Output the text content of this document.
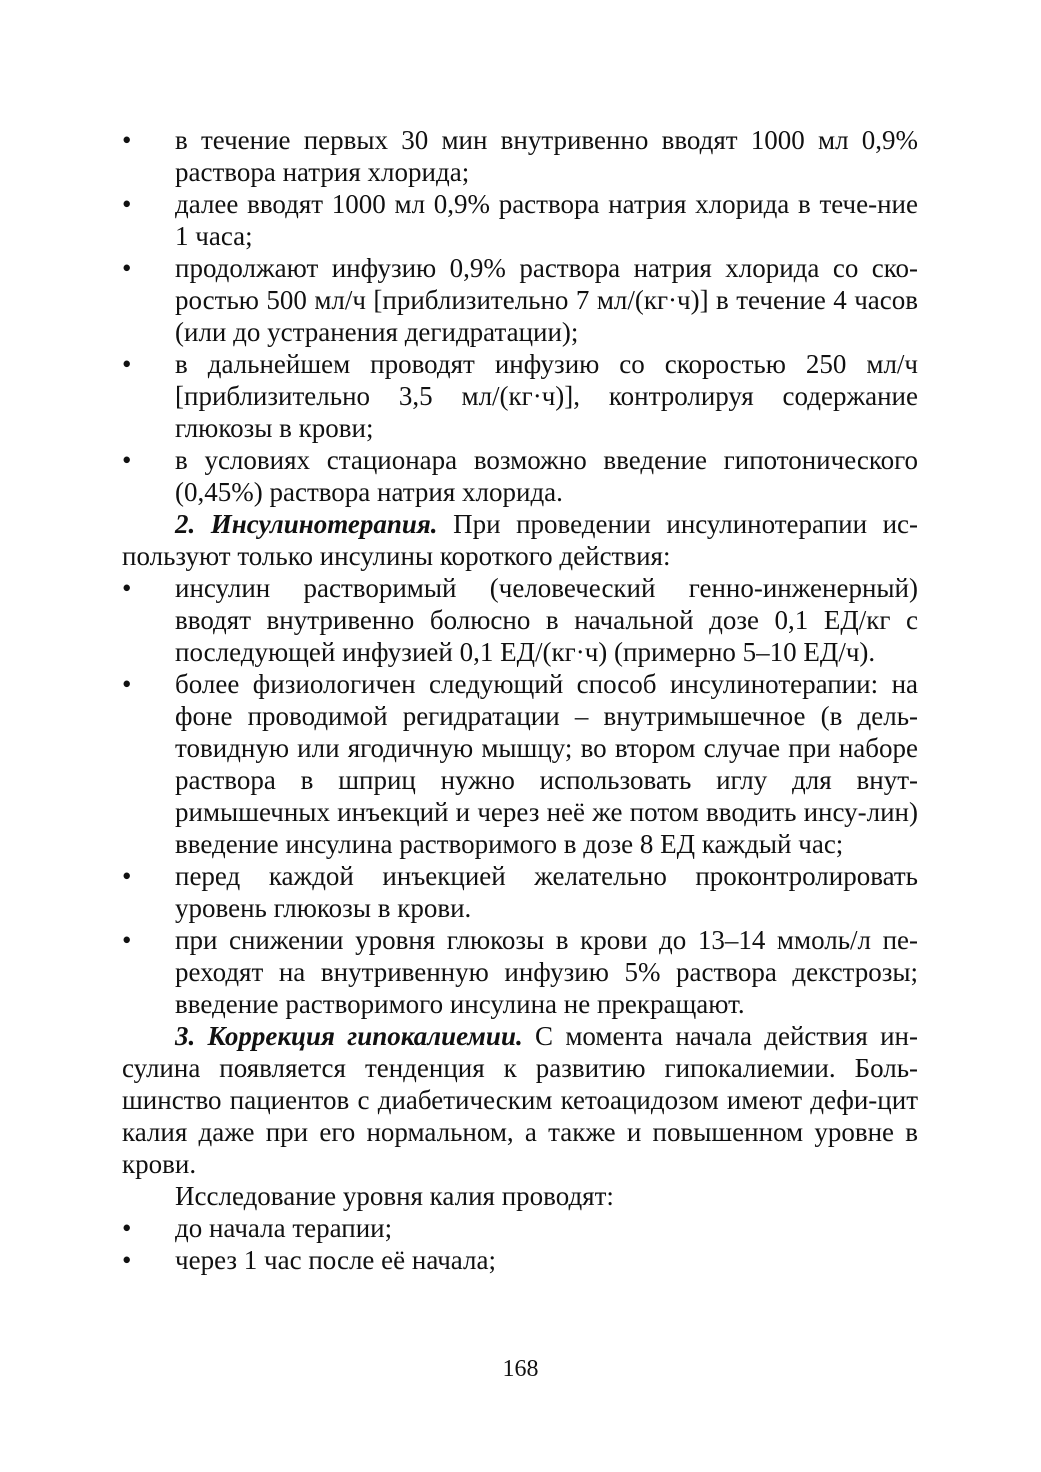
•	в течение первых 30 мин внутривенно вводят 1000 мл 0,9% раствора натрия хлорида;
•	далее вводят 1000 мл 0,9% раствора натрия хлорида в тече-ние 1 часа;
•	продолжают инфузию 0,9% раствора натрия хлорида со ско-ростью 500 мл/ч [приблизительно 7 мл/(кг·ч)] в течение 4 часов (или до устранения дегидратации);
•	в дальнейшем проводят инфузию со скоростью 250 мл/ч [приблизительно 3,5 мл/(кг·ч)], контролируя содержание глюкозы в крови;
•	в условиях стационара возможно введение гипотонического (0,45%) раствора натрия хлорида.

2. Инсулинотерапия. При проведении инсулинотерапии ис-пользуют только инсулины короткого действия:

•	инсулин растворимый (человеческий генно-инженерный) вводят внутривенно болюсно в начальной дозе 0,1 ЕД/кг с последующей инфузией 0,1 ЕД/(кг·ч) (примерно 5–10 ЕД/ч).
•	более физиологичен следующий способ инсулинотерапии: на фоне проводимой регидратации – внутримышечное (в дель-товидную или ягодичную мышцу; во втором случае при наборе раствора в шприц нужно использовать иглу для внут-римышечных инъекций и через неё же потом вводить инсу-лин) введение инсулина растворимого в дозе 8 ЕД каждый час;
•	перед каждой инъекцией желательно проконтролировать уровень глюкозы в крови.
•	при снижении уровня глюкозы в крови до 13–14 ммоль/л пе-реходят на внутривенную инфузию 5% раствора декстрозы; введение растворимого инсулина не прекращают.

3. Коррекция гипокалиемии. С момента начала действия ин-сулина появляется тенденция к развитию гипокалиемии. Боль-шинство пациентов с диабетическим кетоацидозом имеют дефи-цит калия даже при его нормальном, а также и повышенном уровне в крови.

Исследование уровня калия проводят:

•	до начала терапии;
•	через 1 час после её начала;
168
